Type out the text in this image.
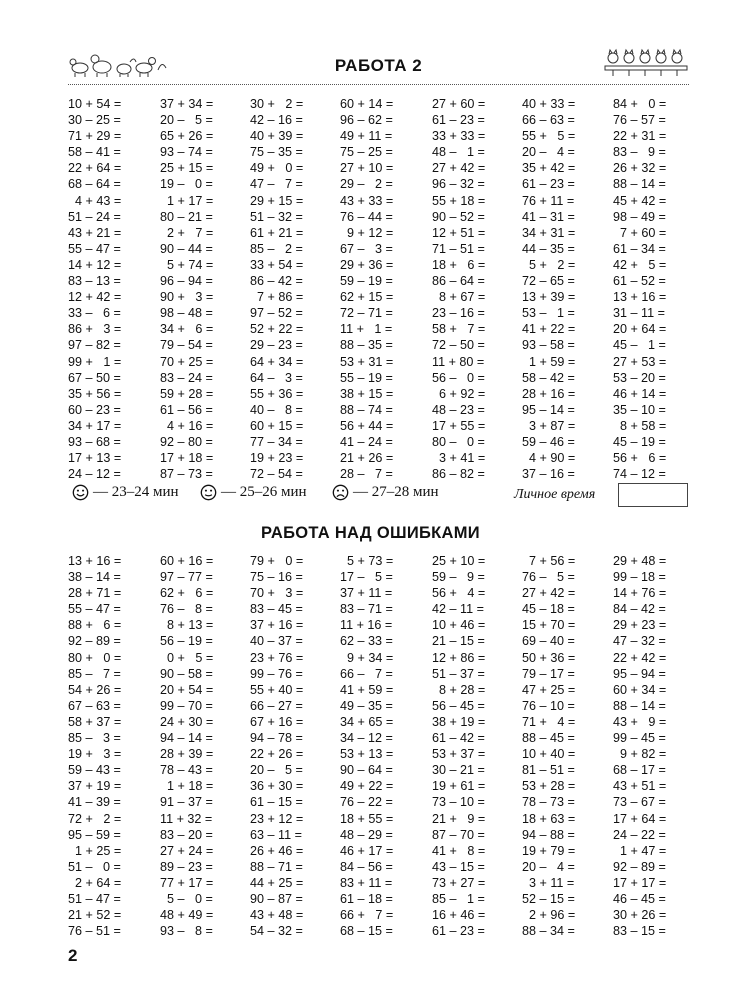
РАБОТА 2
10 + 54 =	37 + 34 =	30 +   2 =	60 + 14 =	27 + 60 =	40 + 33 =	84 +   0 =
30 – 25 =	20 –   5 =	42 – 16 =	96 – 62 =	61 – 23 =	66 – 63 =	76 – 57 =
71 + 29 =	65 + 26 =	40 + 39 =	49 + 11 =	33 + 33 =	55 +   5 =	22 + 31 =
58 – 41 =	93 – 74 =	75 – 35 =	75 – 25 =	48 –   1 =	20 –   4 =	83 –   9 =
22 + 64 =	25 + 15 =	49 +   0 =	27 + 10 =	27 + 42 =	35 + 42 =	26 + 32 =
68 – 64 =	19 –   0 =	47 –   7 =	29 –   2 =	96 – 32 =	61 – 23 =	88 – 14 =
4 + 43 =	1 + 17 =	29 + 15 =	43 + 33 =	55 + 18 =	76 + 11 =	45 + 42 =
51 – 24 =	80 – 21 =	51 – 32 =	76 – 44 =	90 – 52 =	41 – 31 =	98 – 49 =
43 + 21 =	2 +   7 =	61 + 21 =	9 + 12 =	12 + 51 =	34 + 31 =	7 + 60 =
55 – 47 =	90 – 44 =	85 –   2 =	67 –   3 =	71 – 51 =	44 – 35 =	61 – 34 =
14 + 12 =	5 + 74 =	33 + 54 =	29 + 36 =	18 +   6 =	5 +   2 =	42 +   5 =
83 – 13 =	96 – 94 =	86 – 42 =	59 – 19 =	86 – 64 =	72 – 65 =	61 – 52 =
12 + 42 =	90 +   3 =	7 + 86 =	62 + 15 =	8 + 67 =	13 + 39 =	13 + 16 =
33 –   6 =	98 – 48 =	97 – 52 =	72 – 71 =	23 – 16 =	53 –   1 =	31 – 11 =
86 +   3 =	34 +   6 =	52 + 22 =	11 +   1 =	58 +   7 =	41 + 22 =	20 + 64 =
97 – 82 =	79 – 54 =	29 – 23 =	88 – 35 =	72 – 50 =	93 – 58 =	45 –   1 =
99 +   1 =	70 + 25 =	64 + 34 =	53 + 31 =	11 + 80 =	1 + 59 =	27 + 53 =
67 – 50 =	83 – 24 =	64 –   3 =	55 – 19 =	56 –   0 =	58 – 42 =	53 – 20 =
35 + 56 =	59 + 28 =	55 + 36 =	38 + 15 =	6 + 92 =	28 + 16 =	46 + 14 =
60 – 23 =	61 – 56 =	40 –   8 =	88 – 74 =	48 – 23 =	95 – 14 =	35 – 10 =
34 + 17 =	4 + 16 =	60 + 15 =	56 + 44 =	17 + 55 =	3 + 87 =	8 + 58 =
93 – 68 =	92 – 80 =	77 – 34 =	41 – 24 =	80 –   0 =	59 – 46 =	45 – 19 =
17 + 13 =	17 + 18 =	19 + 23 =	21 + 26 =	3 + 41 =	4 + 90 =	56 +   6 =
24 – 12 =	87 – 73 =	72 – 54 =	28 –   7 =	86 – 82 =	37 – 16 =	74 – 12 =
— 23–24 мин	— 25–26 мин	— 27–28 мин	Личное время
РАБОТА НАД ОШИБКАМИ
13 + 16 =	60 + 16 =	79 +   0 =	5 + 73 =	25 + 10 =	7 + 56 =	29 + 48 =
38 – 14 =	97 – 77 =	75 – 16 =	17 –   5 =	59 –   9 =	76 –   5 =	99 – 18 =
28 + 71 =	62 +   6 =	70 +   3 =	37 + 11 =	56 +   4 =	27 + 42 =	14 + 76 =
55 – 47 =	76 –   8 =	83 – 45 =	83 – 71 =	42 – 11 =	45 – 18 =	84 – 42 =
88 +   6 =	8 + 13 =	37 + 16 =	11 + 16 =	10 + 46 =	15 + 70 =	29 + 23 =
92 – 89 =	56 – 19 =	40 – 37 =	62 – 33 =	21 – 15 =	69 – 40 =	47 – 32 =
80 +   0 =	0 +   5 =	23 + 76 =	9 + 34 =	12 + 86 =	50 + 36 =	22 + 42 =
85 –   7 =	90 – 58 =	99 – 76 =	66 –   7 =	51 – 37 =	79 – 17 =	95 – 94 =
54 + 26 =	20 + 54 =	55 + 40 =	41 + 59 =	8 + 28 =	47 + 25 =	60 + 34 =
67 – 63 =	99 – 70 =	66 – 27 =	49 – 35 =	56 – 45 =	76 – 10 =	88 – 14 =
58 + 37 =	24 + 30 =	67 + 16 =	34 + 65 =	38 + 19 =	71 +   4 =	43 +   9 =
85 –   3 =	94 – 14 =	94 – 78 =	34 – 12 =	61 – 42 =	88 – 45 =	99 – 45 =
19 +   3 =	28 + 39 =	22 + 26 =	53 + 13 =	53 + 37 =	10 + 40 =	9 + 82 =
59 – 43 =	78 – 43 =	20 –   5 =	90 – 64 =	30 – 21 =	81 – 51 =	68 – 17 =
37 + 19 =	1 + 18 =	36 + 30 =	49 + 22 =	19 + 61 =	53 + 28 =	43 + 51 =
41 – 39 =	91 – 37 =	61 – 15 =	76 – 22 =	73 – 10 =	78 – 73 =	73 – 67 =
72 +   2 =	11 + 32 =	23 + 12 =	18 + 55 =	21 +   9 =	18 + 63 =	17 + 64 =
95 – 59 =	83 – 20 =	63 – 11 =	48 – 29 =	87 – 70 =	94 – 88 =	24 – 22 =
1 + 25 =	27 + 24 =	26 + 46 =	46 + 17 =	41 +   8 =	19 + 79 =	1 + 47 =
51 –   0 =	89 – 23 =	88 – 71 =	84 – 56 =	43 – 15 =	20 –   4 =	92 – 89 =
2 + 64 =	77 + 17 =	44 + 25 =	83 + 11 =	73 + 27 =	3 + 11 =	17 + 17 =
51 – 47 =	5 –   0 =	90 – 87 =	61 – 18 =	85 –   1 =	52 – 15 =	46 – 45 =
21 + 52 =	48 + 49 =	43 + 48 =	66 +   7 =	16 + 46 =	2 + 96 =	30 + 26 =
76 – 51 =	93 –   8 =	54 – 32 =	68 – 15 =	61 – 23 =	88 – 34 =	83 – 15 =
2
